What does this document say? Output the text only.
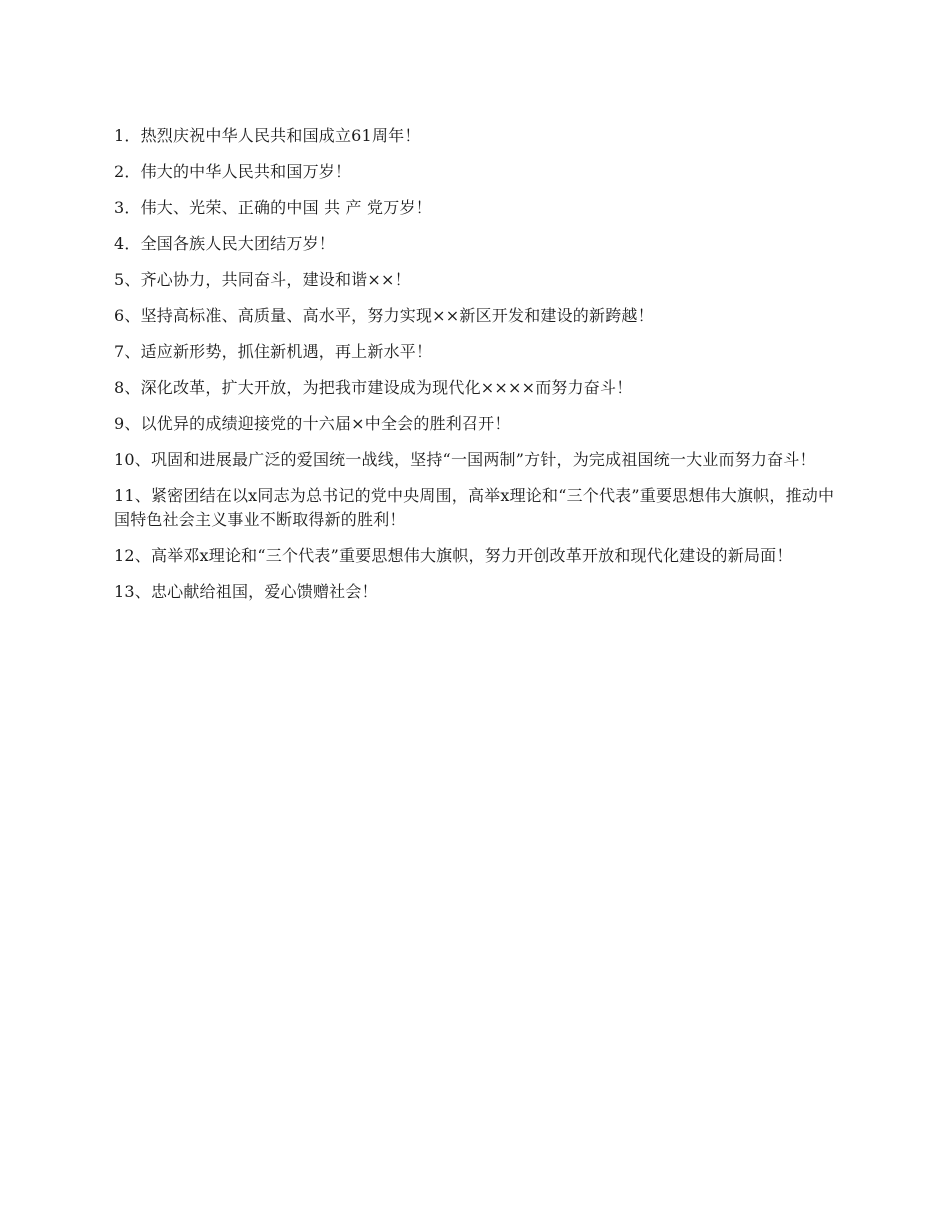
1．热烈庆祝中华人民共和国成立61周年！

2．伟大的中华人民共和国万岁！

3．伟大、光荣、正确的中国 共 产 党万岁！

4．全国各族人民大团结万岁！

5、齐心协力，共同奋斗，建设和谐××！

6、坚持高标准、高质量、高水平，努力实现××新区开发和建设的新跨越！

7、适应新形势，抓住新机遇，再上新水平！

8、深化改革，扩大开放，为把我市建设成为现代化××××而努力奋斗！

9、以优异的成绩迎接党的十六届×中全会的胜利召开！

10、巩固和进展最广泛的爱国统一战线，坚持“一国两制”方针，为完成祖国统一大业而努力奋斗！

11、紧密团结在以x同志为总书记的党中央周围，高举x理论和“三个代表”重要思想伟大旗帜，推动中国特色社会主义事业不断取得新的胜利！

12、高举邓x理论和“三个代表”重要思想伟大旗帜，努力开创改革开放和现代化建设的新局面！

13、忠心献给祖国，爱心馈赠社会！
